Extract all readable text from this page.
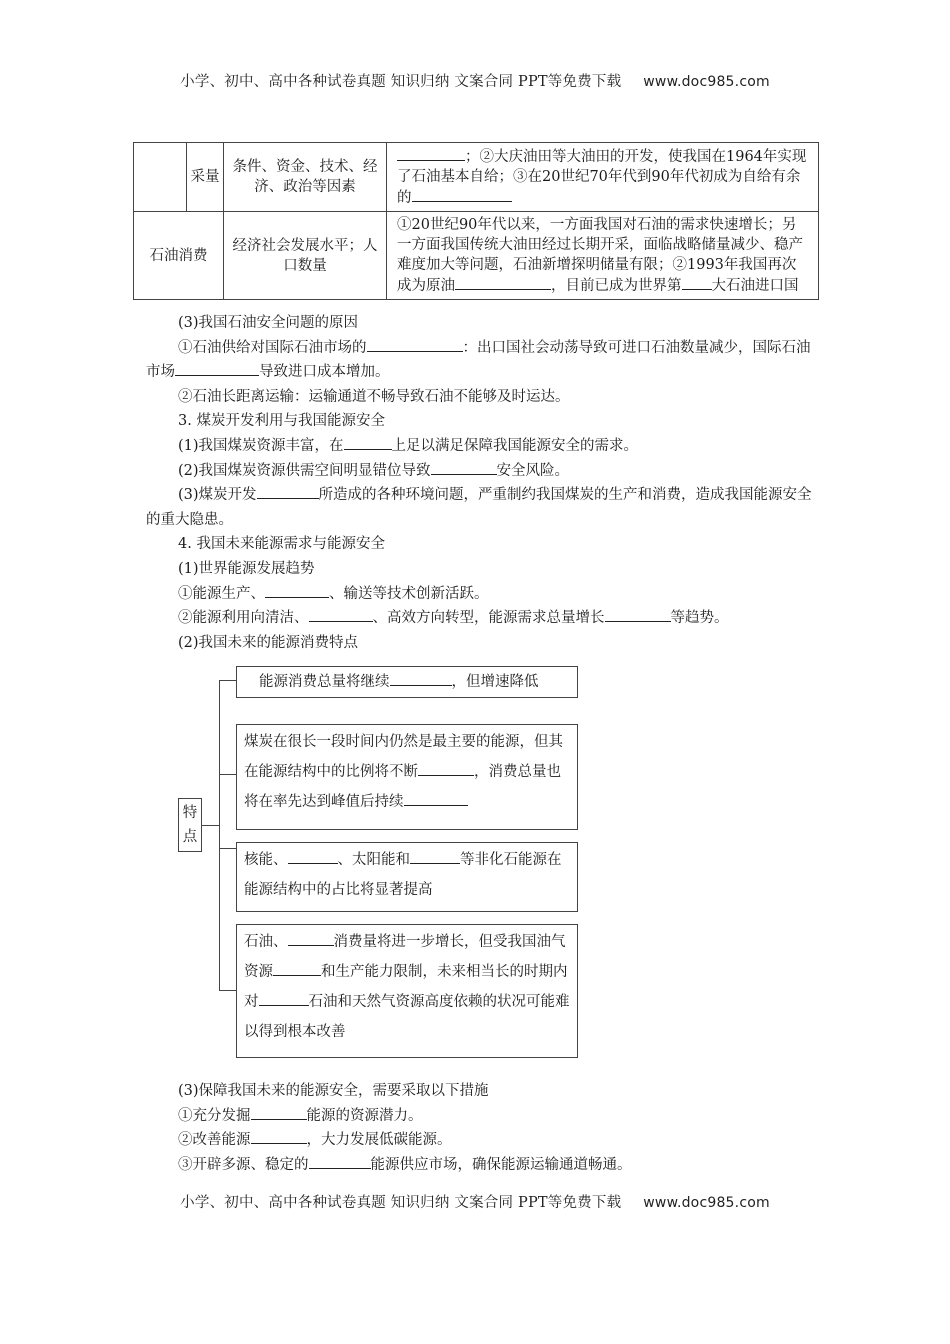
小学、初中、高中各种试卷真题 知识归纳 文案合同 PPT等免费下载 www.doc985.com
	采量	条件、资金、技术、经济、政治等因素	；②大庆油田等大油田的开发，使我国在1964年实现了石油基本自给；③在20世纪70年代到90年代初成为自给有余的
石油消费		经济社会发展水平；人口数量	①20世纪90年代以来，一方面我国对石油的需求快速增长；另一方面我国传统大油田经过长期开采，面临战略储量减少、稳产难度加大等问题，石油新增探明储量有限；②1993年我国再次成为原油 ，目前已成为世界第 大石油进口国

(3)我国石油安全问题的原因

①石油供给对国际石油市场的	：出口国社会动荡导致可进口石油数量减少，国际石油市场	导致进口成本增加。

②石油长距离运输：运输通道不畅导致石油不能够及时运达。

3. 煤炭开发利用与我国能源安全

(1)我国煤炭资源丰富，在	上足以满足保障我国能源安全的需求。

(2)我国煤炭资源供需空间明显错位导致	安全风险。

(3)煤炭开发	所造成的各种环境问题，严重制约我国煤炭的生产和消费，造成我国能源安全的重大隐患。

4. 我国未来能源需求与能源安全

(1)世界能源发展趋势

①能源生产、	、输送等技术创新活跃。

②能源利用向清洁、	、高效方向转型，能源需求总量增长	等趋势。

(2)我国未来的能源消费特点

特点
能源消费总量将继续	，但增速降低
煤炭在很长一段时间内仍然是最主要的能源，但其在能源结构中的比例将不断	，消费总量也将在率先达到峰值后持续
核能、	、太阳能和	等非化石能源在能源结构中的占比将显著提高
石油、	消费量将进一步增长，但受我国油气资源	和生产能力限制，未来相当长的时期内对	石油和天然气资源高度依赖的状况可能难以得到根本改善

(3)保障我国未来的能源安全，需要采取以下措施

①充分发掘	能源的资源潜力。

②改善能源	，大力发展低碳能源。

③开辟多源、稳定的	能源供应市场，确保能源运输通道畅通。

小学、初中、高中各种试卷真题 知识归纳 文案合同 PPT等免费下载 www.doc985.com
